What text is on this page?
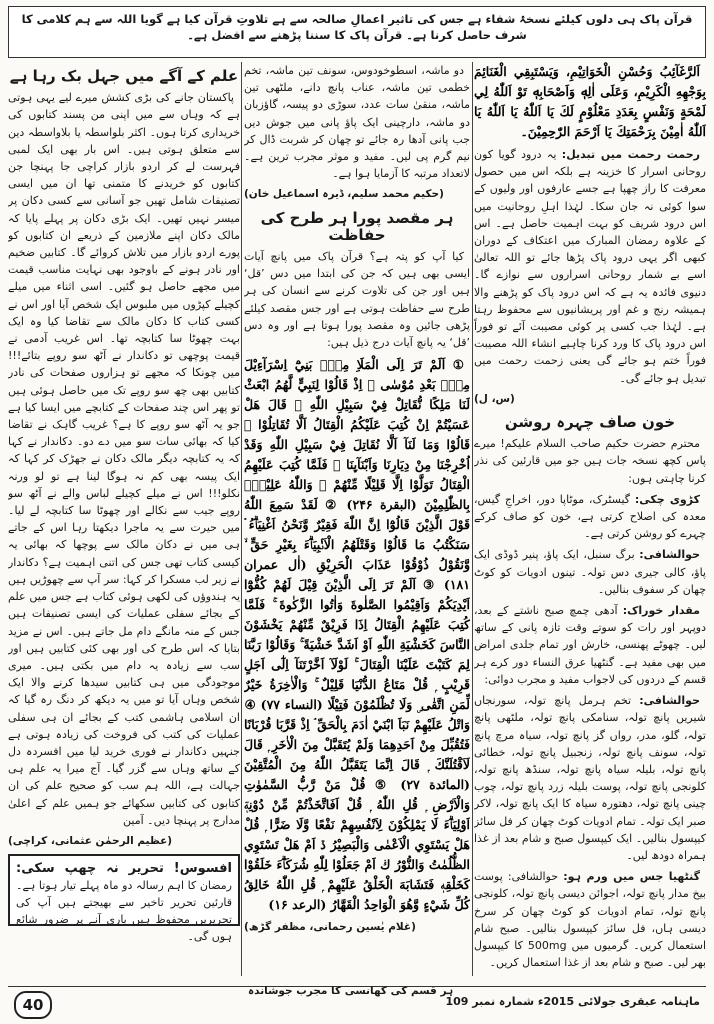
قرآن پاک ہی دلوں کیلئے نسخۂ شفاء ہے جس کی تاثیر اعمالِ صالحہ سے ہے تلاوتِ قرآن کیا ہے گویا اللہ سے ہم کلامی کا شرف حاصل کرنا ہے۔ قرآن پاک کا سننا پڑھنے سے افضل ہے۔

اَلرَّغَآئِبُ وَحُسْنِ الْخَوَاتِيْمِ، وَيَسْتَبِقِي الْغَنَائِمَ بِوَجْهِهِ الْكَرِيْمِ، وَعَلَى اٰلِهٖ وَاَصْحَابِهٖ تَوْ اَللّٰهُ لِي لَمْحَةٍ وَنَفْسٍ بِعَدَدِ مَعْلُوْمٍ لَكَ يَا اَللّٰهُ يَا اَللّٰهُ يَا اَللّٰهُ اٰمِيْنَ بِرَحْمَتِكَ يَا اَرْحَمَ الرّٰحِمِيْنَ۔

رحمت رحمت میں تبدیل: یہ درود گویا کون روحانی اسرار کا خزینہ ہے بلکہ اس میں حصول معرفت کا راز چھپا ہے جسے عارفوں اور ولیوں کے سوا کوئی نہ جان سکا۔ لہٰذا اہلِ روحانیت میں اس درود شریف کو بہت اہمیت حاصل ہے۔ اس کے علاوہ رمضان المبارک میں اعتکاف کے دوران کبھی اگر یہی درود پاک پڑھا جائے تو اللہ تعالیٰ اسے بے شمار روحانی اسراروں سے نوازے گا۔ دنیوی فائدہ یہ ہے کہ اس درود پاک کو پڑھنے والا ہمیشہ رنج و غم اور پریشانیوں سے محفوظ رہتا ہے۔ لہٰذا جب کسی پر کوئی مصیبت آئے تو فوراً اس درود پاک کا ورد کرنا چاہیے انشاء اللہ مصیبت فوراً ختم ہو جائے گی یعنی زحمت رحمت میں تبدیل ہو جائے گی۔

(س، ل)
خون صاف چہرہ روشن

محترم حضرت حکیم صاحب السلام علیکم! میرے پاس کچھ نسخہ جات ہیں جو میں قارئین کی نذر کرنا چاہتی ہوں:

کڑوی چکی: گیسٹرک، موٹاپا دور، اخراجِ گیس، معدہ کی اصلاح کرتی ہے، خون کو صاف کرکے چہرے کو روشن کرتی ہے۔

حوالشافی: برگ سنبل، ایک پاؤ، پنیر ڈوڈی ایک پاؤ، کالی جیری دس تولہ۔ تینوں ادویات کو کوٹ چھان کر سفوف بنالیں۔

مقدار خوراک: آدھی چمچ صبح ناشتے کے بعد، دوپہر اور رات کو سوتے وقت تازہ پانی کے ساتھ لیں۔ چھوٹے پھنسی، خارش اور تمام جلدی امراض میں بھی مفید ہے۔ گنٹھیا عرق النساء دور کرے ہر قسم کے دردوں کی لاجواب مفید و مجرب دوائی:

حوالشافی: تخم ہرمل پانچ تولہ، سورنجاں شیریں پانچ تولہ، سنامکی پانچ تولہ، ملٹھی پانچ تولہ، گلو، مدر، رواں گز پانچ تولہ، سیاہ مرچ پانچ تولہ، سونف پانچ تولہ، زنجبیل پانچ تولہ، خطائی پانچ تولہ، بلیلہ سیاہ پانچ تولہ، سنڈھ پانچ تولہ، کلونجی پانچ تولہ، پوست بلیلہ زرد پانچ تولہ، چوب چینی پانچ تولہ، دھتورہ سیاہ کا ایک پانچ تولہ، لاکر صبر ایک تولہ۔ تمام ادویات کوٹ چھان کر فل سائز کیپسول بنالیں۔ ایک کیپسول صبح و شام بعد از غذا ہمراہ دودھ لیں۔

گنٹھیا جس میں ورم ہو: حوالشافی: پوست بیخ مدار پانچ تولہ، اجوائن دیسی پانچ تولہ، کلونجی پانچ تولہ، تمام ادویات کو کوٹ چھان کر سرخ دیسی ہاں، فل سائز کیپسول بنالیں۔ صبح شام استعمال کریں۔ گرمیوں میں 500mg کا کیپسول بھر لیں۔ صبح و شام بعد از غذا استعمال کریں۔

دو ماشہ، اسطوخودوس، سونف تین ماشہ، تخم خطمی تین ماشہ، عناب پانچ دانے، ملٹھی تین ماشہ، منقیٰ سات عدد، سوڑی دو پیسہ، گاؤزبان دو ماشہ، دارچینی ایک پاؤ پانی میں جوش دیں جب پانی آدھا رہ جائے تو چھان کر شربت ڈال کر نیم گرم پی لیں۔ مفید و موثر مجرب ترین ہے۔ لاتعداد مرتبہ کا آزمایا ہوا ہے۔

(حکیم محمد سلیم، ڈیرہ اسماعیل خان)
ہر مقصد پورا ہر طرح کی حفاظت

کیا آپ کو پتہ ہے؟ قرآن پاک میں پانچ آیات ایسی بھی ہیں کہ جن کی ابتدا میں دس ’قل‘ ہیں اور جن کی تلاوت کرنے سے انسان کی ہر طرح سے حفاظت ہوتی ہے اور جس مقصد کیلئے پڑھی جائیں وہ مقصد پورا ہوتا ہے اور وہ دس ’قل‘ یہ پانچ آیات درج ذیل ہیں:

① اَلَمْ تَرَ اِلَى الْمَلَاِ مِنْۢ بَنِيْٓ اِسْرَآءِيْلَ مِنْۢ بَعْدِ مُوْسٰى ۘ اِذْ قَالُوْا لِنَبِيٍّ لَّهُمُ ابْعَثْ لَنَا مَلِكًا نُّقَاتِلْ فِيْ سَبِيْلِ اللّٰهِ ۭ قَالَ هَلْ عَسَيْتُمْ اِنْ كُتِبَ عَلَيْكُمُ الْقِتَالُ اَلَّا تُقَاتِلُوْا ۭ قَالُوْا وَمَا لَنَآ اَلَّا نُقَاتِلَ فِيْ سَبِيْلِ اللّٰهِ وَقَدْ اُخْرِجْنَا مِنْ دِيَارِنَا وَاَبْنَآىِٕنَا ۭ فَلَمَّا كُتِبَ عَلَيْهِمُ الْقِتَالُ تَوَلَّوْا اِلَّا قَلِيْلًا مِّنْهُمْ ۭ وَاللّٰهُ عَلِيْمٌۢ بِالظّٰلِمِيْنَ (البقرة ۲۴۶) ② لَقَدْ سَمِعَ اللّٰهُ قَوْلَ الَّذِيْنَ قَالُوْٓا اِنَّ اللّٰهَ فَقِيْرٌ وَّنَحْنُ اَغْنِيَاۗءُ ۘ سَنَكْتُبُ مَا قَالُوْا وَقَتْلَهُمُ الْاَنْۢبِيَاۗءَ بِغَيْرِ حَقٍّ ۙ وَّنَقُوْلُ ذُوْقُوْا عَذَابَ الْحَرِيْقِ (اٰل عمران ۱۸۱) ③ اَلَمْ تَرَ اِلَى الَّذِيْنَ قِيْلَ لَهُمْ كُفُّوْٓا اَيْدِيَكُمْ وَاَقِيْمُوا الصَّلٰوةَ وَاٰتُوا الزَّكٰوةَ ۚ فَلَمَّا كُتِبَ عَلَيْهِمُ الْقِتَالُ اِذَا فَرِيْقٌ مِّنْهُمْ يَخْشَوْنَ النَّاسَ كَخَشْيَةِ اللّٰهِ اَوْ اَشَدَّ خَشْيَةً ۚ وَقَالُوْا رَبَّنَا لِمَ كَتَبْتَ عَلَيْنَا الْقِتَالَ ۚ لَوْلَآ اَخَّرْتَنَآ اِلٰٓى اَجَلٍ قَرِيْبٍ ۭ قُلْ مَتَاعُ الدُّنْيَا قَلِيْلٌ ۚ وَالْاٰخِرَةُ خَيْرٌ لِّمَنِ اتَّقٰى ۣ وَلَا تُظْلَمُوْنَ فَتِيْلًا (النساء ۷۷) ④ وَاتْلُ عَلَيْهِمْ نَبَاَ ابْنَيْ اٰدَمَ بِالْحَقِّ ۘ اِذْ قَرَّبَا قُرْبَانًا فَتُقُبِّلَ مِنْ اَحَدِهِمَا وَلَمْ يُتَقَبَّلْ مِنَ الْاٰخَرِ ۭ قَالَ لَاَقْتُلَنَّكَ ۭ قَالَ اِنَّمَا يَتَقَبَّلُ اللّٰهُ مِنَ الْمُتَّقِيْنَ (المائدة ۲۷) ⑤ قُلْ مَنْ رَّبُّ السَّمٰوٰتِ وَالْاَرْضِ ۭ قُلِ اللّٰهُ ۭ قُلْ اَفَاتَّخَذْتُمْ مِّنْ دُوْنِهٖٓ اَوْلِيَاۗءَ لَا يَمْلِكُوْنَ لِاَنْفُسِهِمْ نَفْعًا وَّلَا ضَرًّا ۭ قُلْ هَلْ يَسْتَوِي الْاَعْمٰى وَالْبَصِيْرُ ڏ اَمْ هَلْ تَسْتَوِي الظُّلُمٰتُ وَالنُّوْرُ ڬ اَمْ جَعَلُوْا لِلّٰهِ شُرَكَاۗءَ خَلَقُوْا كَخَلْقِهٖ فَتَشَابَهَ الْخَلْقُ عَلَيْهِمْ ۭ قُلِ اللّٰهُ خَالِقُ كُلِّ شَيْءٍ وَّهُوَ الْوَاحِدُ الْقَهَّارُ (الرعد ۱۶)

(غلام یٰسین رحمانی، مظفر گڑھ)
علم کے آگے میں جہل بک رہا ہے

پاکستان جانے کی بڑی کشش میرے لیے یہی ہوتی ہے کہ وہاں سے میں اپنی من پسند کتابوں کی خریداری کرتا ہوں۔ اکثر بلواسطہ یا بلاواسطہ دین سے متعلق ہوتی ہیں۔ اس بار بھی ایک لمبی فہرست لے کر اردو بازار کراچی جا پہنچا جن کتابوں کو خریدنے کا متمنی تھا ان میں ایسی تصنیفات شامل تھیں جو آسانی سے کسی دکان پر میسر نہیں تھیں۔ ایک بڑی دکان پر پہلے پایا کہ مالک دکان اپنے ملازمین کے ذریعے ان کتابوں کو پورے اردو بازار میں تلاش کروائے گا۔ کتابیں ضخیم اور نادر ہونے کے باوجود بھی نہایت مناسب قیمت میں مجھے حاصل ہو گئیں۔ اسی اثناء میں میلے کچیلے کپڑوں میں ملبوس ایک شخص آیا اور اس نے کسی کتاب کا دکان مالک سے تقاضا کیا وہ ایک بہت چھوٹا سا کتابچہ تھا۔ اس غریب آدمی نے قیمت پوچھی تو دکاندار نے آٹھ سو روپے بتائے!!! میں چونکا کہ مجھے تو ہزاروں صفحات کی نادر کتابیں بھی چھ سو روپے تک میں حاصل ہوئی ہیں تو پھر اس چند صفحات کے کتابچے میں ایسا کیا ہے جو یہ آٹھ سو روپے کا ہے؟ غریب گاہک نے تقاضا کیا کہ بھائی سات سو میں دے دو۔ دکاندار نے کہا کہ یہ کتابچہ دیگر مالک دکان نے جھڑک کر کہا کہ ایک پیسہ بھی کم نہ ہوگا لینا ہے تو لو ورنہ نکلو!!! اس نے میلے کچیلے لباس والے نے آٹھ سو روپے جیب سے نکالے اور چھوٹا سا کتابچہ لے لیا۔ میں حیرت سے یہ ماجرا دیکھتا رہا اس کے جاتے ہی میں نے دکان مالک سے پوچھا کہ بھائی یہ کیسی کتاب تھی جس کی اتنی اہمیت ہے؟ دکاندار نے زیر لب مسکرا کر کہا: سر آپ سے چھوڑیں ہیں یہ ہندوؤں کی لکھی ہوئی کتاب ہے جس میں علم کے بجائے سفلی عملیات کی ایسی تصنیفات ہیں جس کے منہ مانگے دام مل جاتے ہیں۔ اس نے مزید بتایا کہ اس طرح کی اور بھی کئی کتابیں ہیں اور سب سے زیادہ یہ دام میں بکتی ہیں۔ میری موجودگی میں ہی کتابیں سیدھا کرنے والا ایک شخص وہاں آیا تو میں یہ دیکھ کر دنگ رہ گیا کہ ان اسلامی ہاشمی کتب کے بجائے ان ہی سفلی عملیات کی کتب کی فروخت کی زیادہ ہوتی ہے جنہیں دکاندار نے فوری خرید لیا میں افسردہ دل کے ساتھ وہاں سے گزر گیا۔ آج میرا یہ علم ہی جہالت ہے، اللہ ہم سب کو صحیح علم کی ان کتابوں کی کتابیں سکھائے جو ہمیں علم کے اعلیٰ مدارج پر پہنچا دیں۔ آمین

(عظیم الرحمٰن عثمانی، کراچی)
افسوس! تحریر نہ چھپ سکی: رمضان کا اہم رسالہ دو ماہ پہلے تیار ہوتا ہے۔ قارئین تحریر تاخیر سے بھیجتے ہیں آپ کی تحریریں محفوظ ہیں باری آنے پر ضرور شائع ہوں گی۔
40
ہر قسم کی کھانسی کا مجرب جوشاندہ
ماہنامہ عبقری جولائی 2015ء شمارہ نمبر 109
